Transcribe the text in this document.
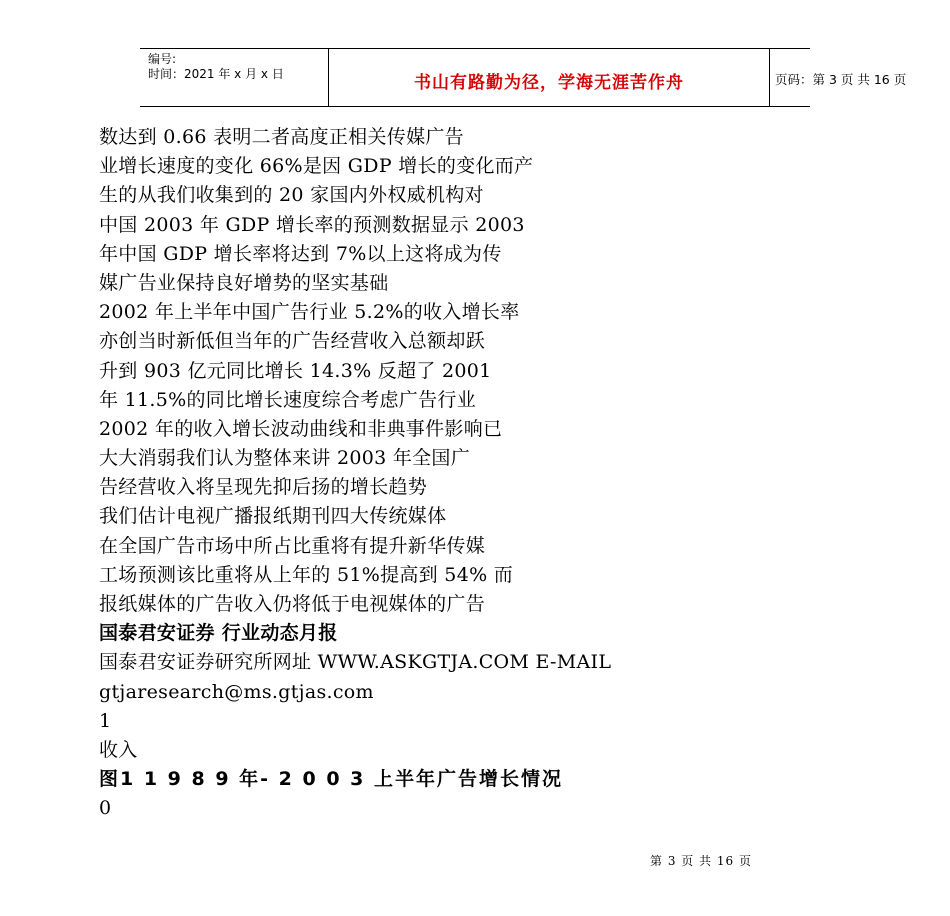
编号:
时间：2021 年 x 月 x 日	书山有路勤为径，学海无涯苦作舟	页码：第 3 页 共 16 页
数达到 0.66 表明二者高度正相关传媒广告
业增长速度的变化 66%是因 GDP 增长的变化而产
生的从我们收集到的 20 家国内外权威机构对
中国 2003 年 GDP 增长率的预测数据显示 2003
年中国 GDP 增长率将达到 7%以上这将成为传
媒广告业保持良好增势的坚实基础
2002 年上半年中国广告行业 5.2%的收入增长率
亦创当时新低但当年的广告经营收入总额却跃
升到 903 亿元同比增长 14.3% 反超了 2001
年 11.5%的同比增长速度综合考虑广告行业
2002 年的收入增长波动曲线和非典事件影响已
大大消弱我们认为整体来讲 2003 年全国广
告经营收入将呈现先抑后扬的增长趋势
我们估计电视广播报纸期刊四大传统媒体
在全国广告市场中所占比重将有提升新华传媒
工场预测该比重将从上年的 51%提高到 54% 而
报纸媒体的广告收入仍将低于电视媒体的广告
国泰君安证券 行业动态月报
国泰君安证券研究所网址 WWW.ASKGTJA.COM E-MAIL
gtjaresearch@ms.gtjas.com
1
收入
图1 1 9 8 9 年- 2 0 0 3 上半年广告增长情况
0
第 3 页 共 16 页
